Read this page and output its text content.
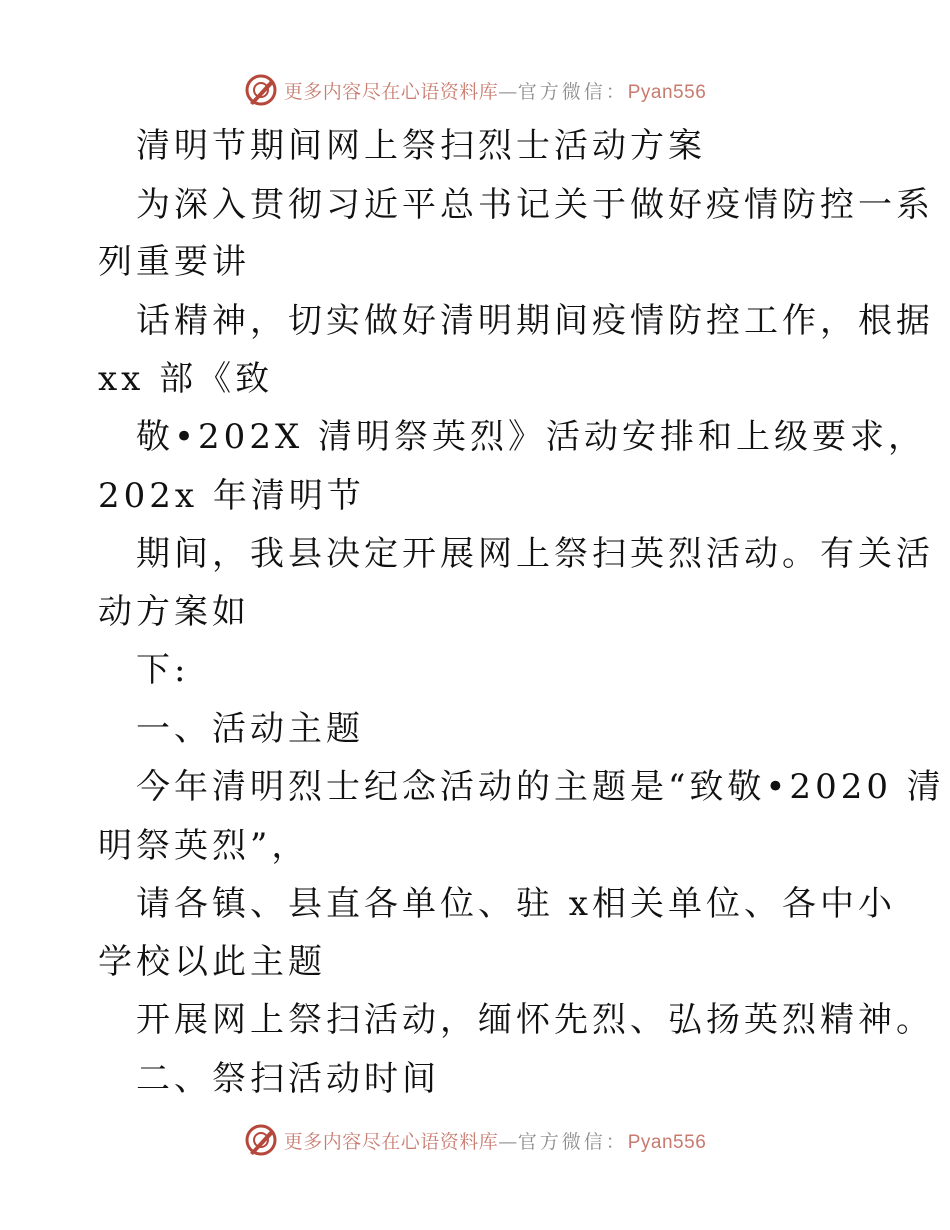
更多内容尽在心语资料库—官方微信：Pyan556
清明节期间网上祭扫烈士活动方案
为深入贯彻习近平总书记关于做好疫情防控一系
列重要讲
话精神，切实做好清明期间疫情防控工作，根据
xx 部《致
敬•202X 清明祭英烈》活动安排和上级要求，
202x 年清明节
期间，我县决定开展网上祭扫英烈活动。有关活
动方案如
下:
一、活动主题
今年清明烈士纪念活动的主题是“致敬•2020 清
明祭英烈”，
请各镇、县直各单位、驻 x相关单位、各中小
学校以此主题
开展网上祭扫活动，缅怀先烈、弘扬英烈精神。
二、祭扫活动时间
更多内容尽在心语资料库—官方微信：Pyan556
